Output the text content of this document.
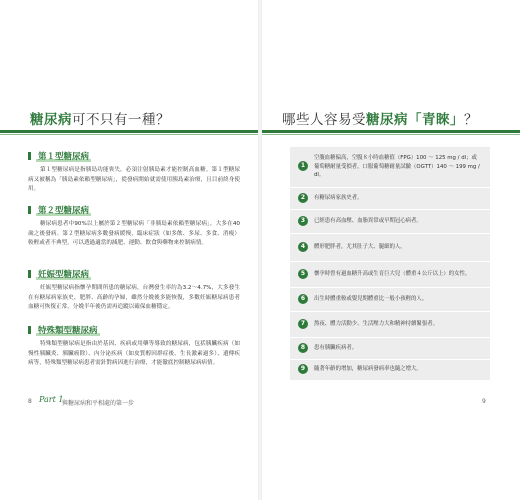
糖尿病可不只有一種？
第１型糖尿病
第１型糖尿病是指胰島功能喪失，必須注射胰島素才能控制高血糖。第１型糖尿病又被稱為「胰島素依賴型糖尿病」，從發病開始就需使用胰島素治療，且目前終身使用。
第２型糖尿病
糖尿病患者中90%以上屬於第２型糖尿病「非胰島素依賴型糖尿病」，大多在40歲之後發病。第２型糖尿病多數發病緩慢，臨床症狀（如多飲、多尿、多食、消瘦）較輕或者不典型，可以透過適當的減肥、運動、飲食與藥物來控制病情。
妊娠型糖尿病
妊娠型糖尿病指懷孕期間所患的糖尿病，台灣發生率約為3.2～4.7%，大多發生在有糖尿病家族史、肥胖、高齡的孕婦，雖然分娩後多能恢復，多數妊娠糖尿病患者血糖可恢復正常，分娩半年後仍需再追蹤以確保血糖穩定。
特殊類型糖尿病
特殊類型糖尿病是指由於基因、疾病或用藥等導致的糖尿病，包括胰臟疾病（如慢性胰臟炎、胰臟癌除）、內分泌疾病（如皮質醇因群症後、生長激素過多）、遺傳疾病等，特殊類型糖尿病患者需針對病因進行治療，才能徹底控制糖尿病病情。
8 Part 1
與糖尿病和平相處的第一步
哪些人容易受糖尿病「青睞」？
1
空腹血糖偏高，空腹８小時血糖值（FPG）100 ～ 125 mg / dl；或葡萄糖耐量受損者，口服葡萄糖耐量試驗（OGTT）140 ～ 199 mg / dl。
2	有糖尿病家族史者。
3	已經患有高血壓、血脂異常或早期冠心病者。
4	體形肥胖者，尤其肚子大、腿細的人。
5	懷孕時曾有過血糖升高或生育巨大兒（體重４公斤以上）的女性。
6	出生時體重較或嬰兒期體重比一般小孩輕的人。
7	熬夜、體力活動少、生活壓力大和精神持續緊張者。
8	患有胰臟疾病者。
9	隨著年齡的增加，糖尿病發病率也隨之增大。
9
